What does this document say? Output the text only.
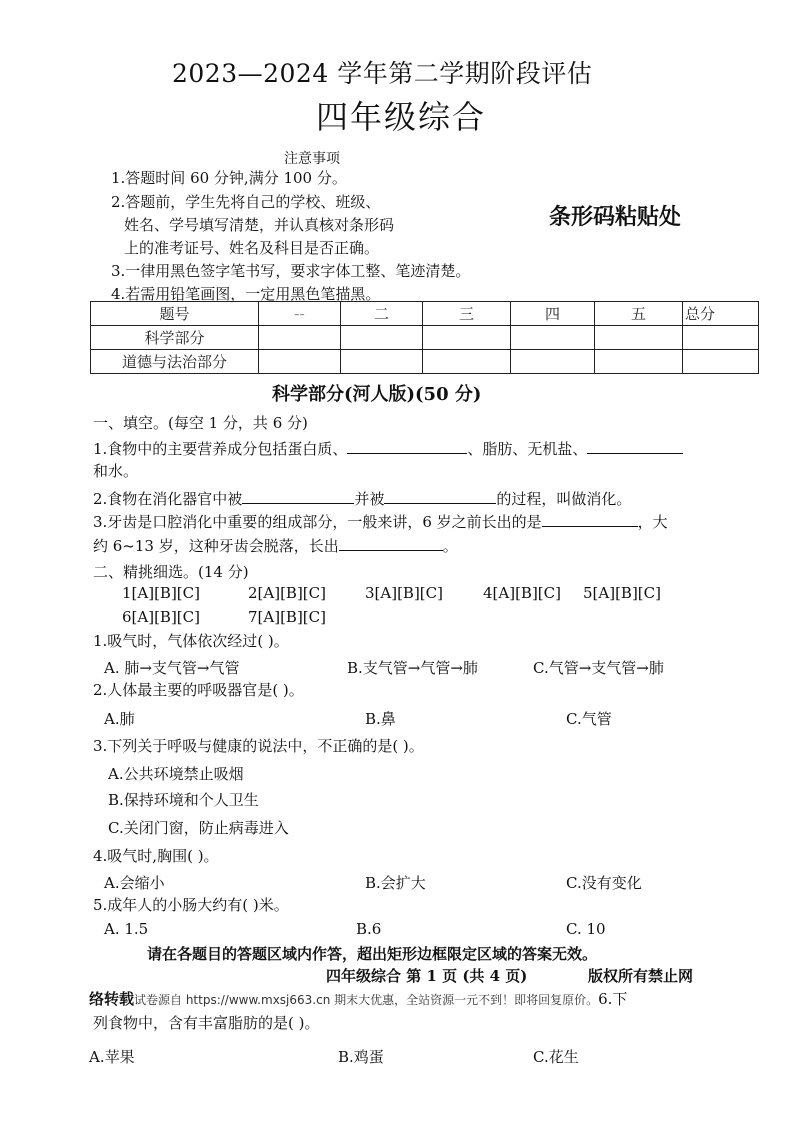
2023—2024 学年第二学期阶段评估
四年级综合
注意事项
1.答题时间 60 分钟,满分 100 分。
2.答题前，学生先将自己的学校、班级、
姓名、学号填写清楚，并认真核对条形码
上的准考证号、姓名及科目是否正确。
3.一律用黑色签字笔书写，要求字体工整、笔迹清楚。
4.若需用铅笔画图，一定用黑色笔描黑。
条形码粘贴处
题号	--	二	三	四	五	总分
科学部分						
道德与法治部分						
科学部分(河人版)(50 分)
一、填空。(每空 1 分，共 6 分)
1.食物中的主要营养成分包括蛋白质、	、脂肪、无机盐、
和水。
2.食物在消化器官中被	并被	的过程，叫做消化。
3.牙齿是口腔消化中重要的组成部分，一般来讲，6 岁之前长出的是	，大
约 6~13 岁，这种牙齿会脱落，长出	。
二、精挑细选。(14 分)
1[A][B][C]	2[A][B][C]	3[A][B][C]	4[A][B][C] 5[A][B][C]
6[A][B][C]	7[A][B][C]
1.吸气时，气体依次经过( )。
A. 肺→支气管→气管	B.支气管→气管→肺	C.气管→支气管→肺
2.人体最主要的呼吸器官是( )。
A.肺	B.鼻	C.气管
3.下列关于呼吸与健康的说法中，不正确的是( )。
A.公共环境禁止吸烟
B.保持环境和个人卫生
C.关闭门窗，防止病毒进入
4.吸气时,胸围( )。
A.会缩小	B.会扩大	C.没有变化
5.成年人的小肠大约有( )米。
A. 1.5	B.6	C. 10
请在各题目的答题区域内作答，超出矩形边框限定区域的答案无效。
四年级综合 第 1 页 (共 4 页)	版权所有禁止网
络转载试卷源自 https://www.mxsj663.cn 期末大优惠，全站资源一元不到！即将回复原价。6.下
列食物中，含有丰富脂肪的是( )。
A.苹果	B.鸡蛋	C.花生
